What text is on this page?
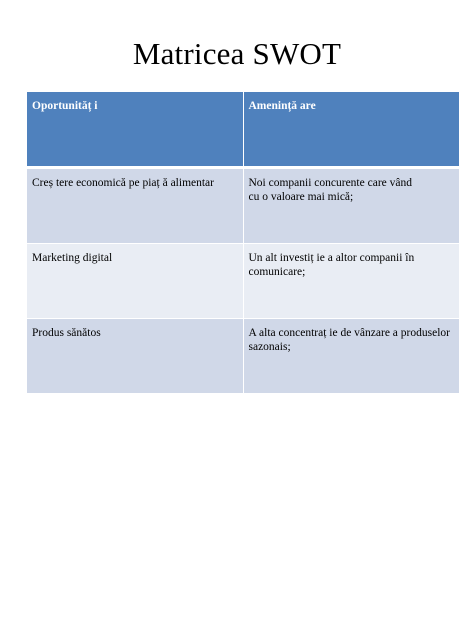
Matricea SWOT
Oportunităț i	Amenință are
Creș tere economică pe piaț ă alimentar	Noi companii concurente care vând cu o valoare mai mică;
Marketing digital	Un alt investiț ie a altor companii în comunicare;
Produs sănătos	A alta concentraț ie de vânzare a produselor sazonais;
